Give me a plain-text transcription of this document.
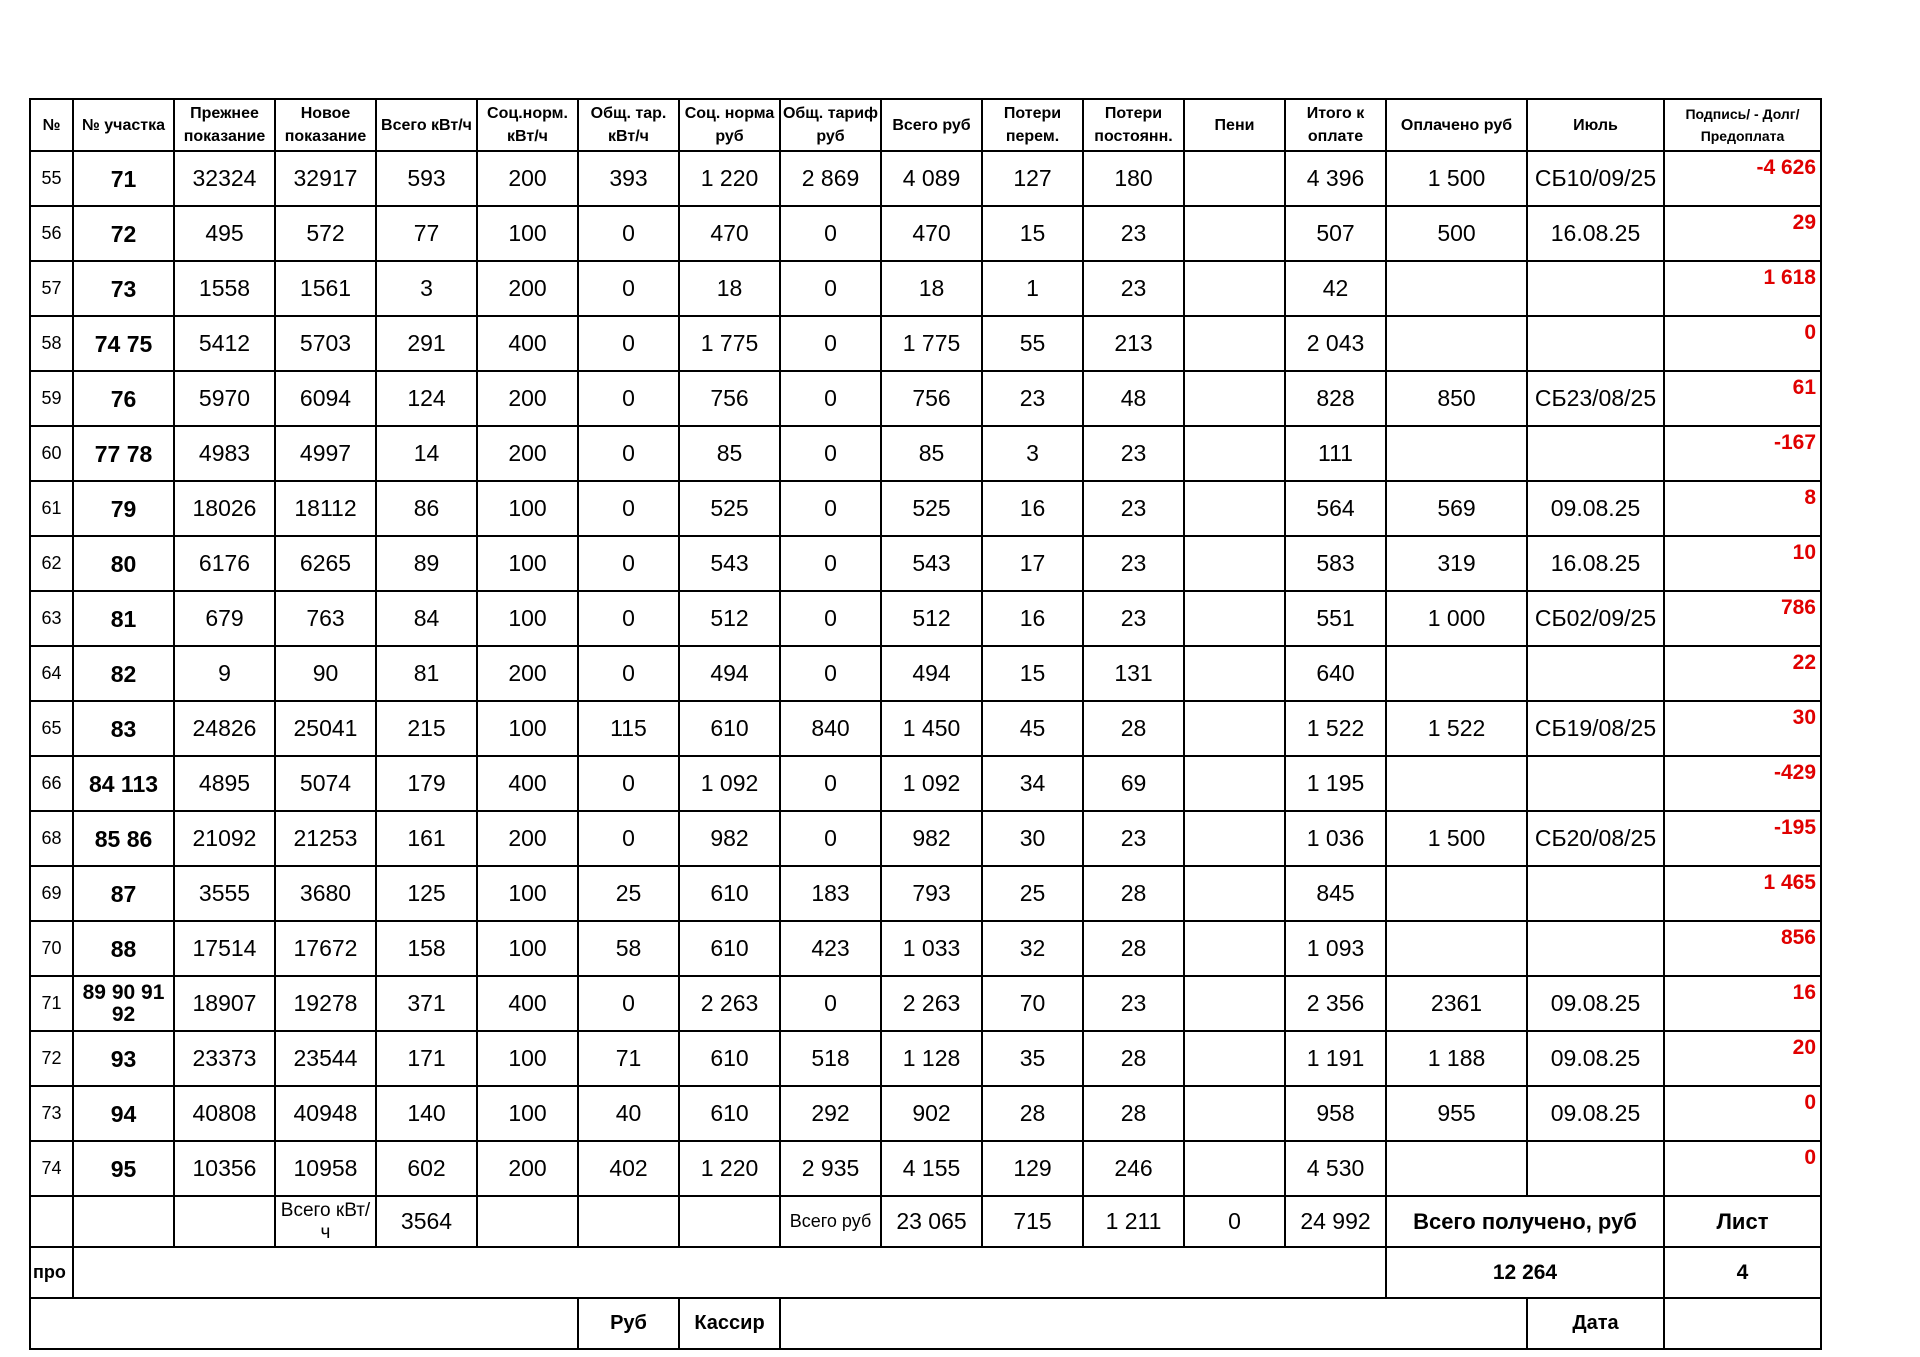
№	№ участка	Прежнее показание	Новое показание	Всего кВт/ч	Соц.норм. кВт/ч	Общ. тар. кВт/ч	Соц. норма руб	Общ. тариф руб	Всего руб	Потери перем.	Потери постоянн.	Пени	Итого к оплате	Оплачено руб	Июль	Подпись/ - Долг/Предоплата
55	71	32324	32917	593	200	393	1 220	2 869	4 089	127	180		4 396	1 500	СБ10/09/25	-4 626
56	72	495	572	77	100	0	470	0	470	15	23		507	500	16.08.25	29
57	73	1558	1561	3	200	0	18	0	18	1	23		42			1 618
58	74 75	5412	5703	291	400	0	1 775	0	1 775	55	213		2 043			0
59	76	5970	6094	124	200	0	756	0	756	23	48		828	850	СБ23/08/25	61
60	77 78	4983	4997	14	200	0	85	0	85	3	23		111			-167
61	79	18026	18112	86	100	0	525	0	525	16	23		564	569	09.08.25	8
62	80	6176	6265	89	100	0	543	0	543	17	23		583	319	16.08.25	10
63	81	679	763	84	100	0	512	0	512	16	23		551	1 000	СБ02/09/25	786
64	82	9	90	81	200	0	494	0	494	15	131		640			22
65	83	24826	25041	215	100	115	610	840	1 450	45	28		1 522	1 522	СБ19/08/25	30
66	84 113	4895	5074	179	400	0	1 092	0	1 092	34	69		1 195			-429
68	85 86	21092	21253	161	200	0	982	0	982	30	23		1 036	1 500	СБ20/08/25	-195
69	87	3555	3680	125	100	25	610	183	793	25	28		845			1 465
70	88	17514	17672	158	100	58	610	423	1 033	32	28		1 093			856
71	89 90 91 92	18907	19278	371	400	0	2 263	0	2 263	70	23		2 356	2361	09.08.25	16
72	93	23373	23544	171	100	71	610	518	1 128	35	28		1 191	1 188	09.08.25	20
73	94	40808	40948	140	100	40	610	292	902	28	28		958	955	09.08.25	0
74	95	10356	10958	602	200	402	1 220	2 935	4 155	129	246		4 530			0
			Всего кВт/ч	3564				Всего руб	23 065	715	1 211	0	24 992	Всего получено, руб		Лист
про														12 264		4
						Руб	Кассир								Дата	
